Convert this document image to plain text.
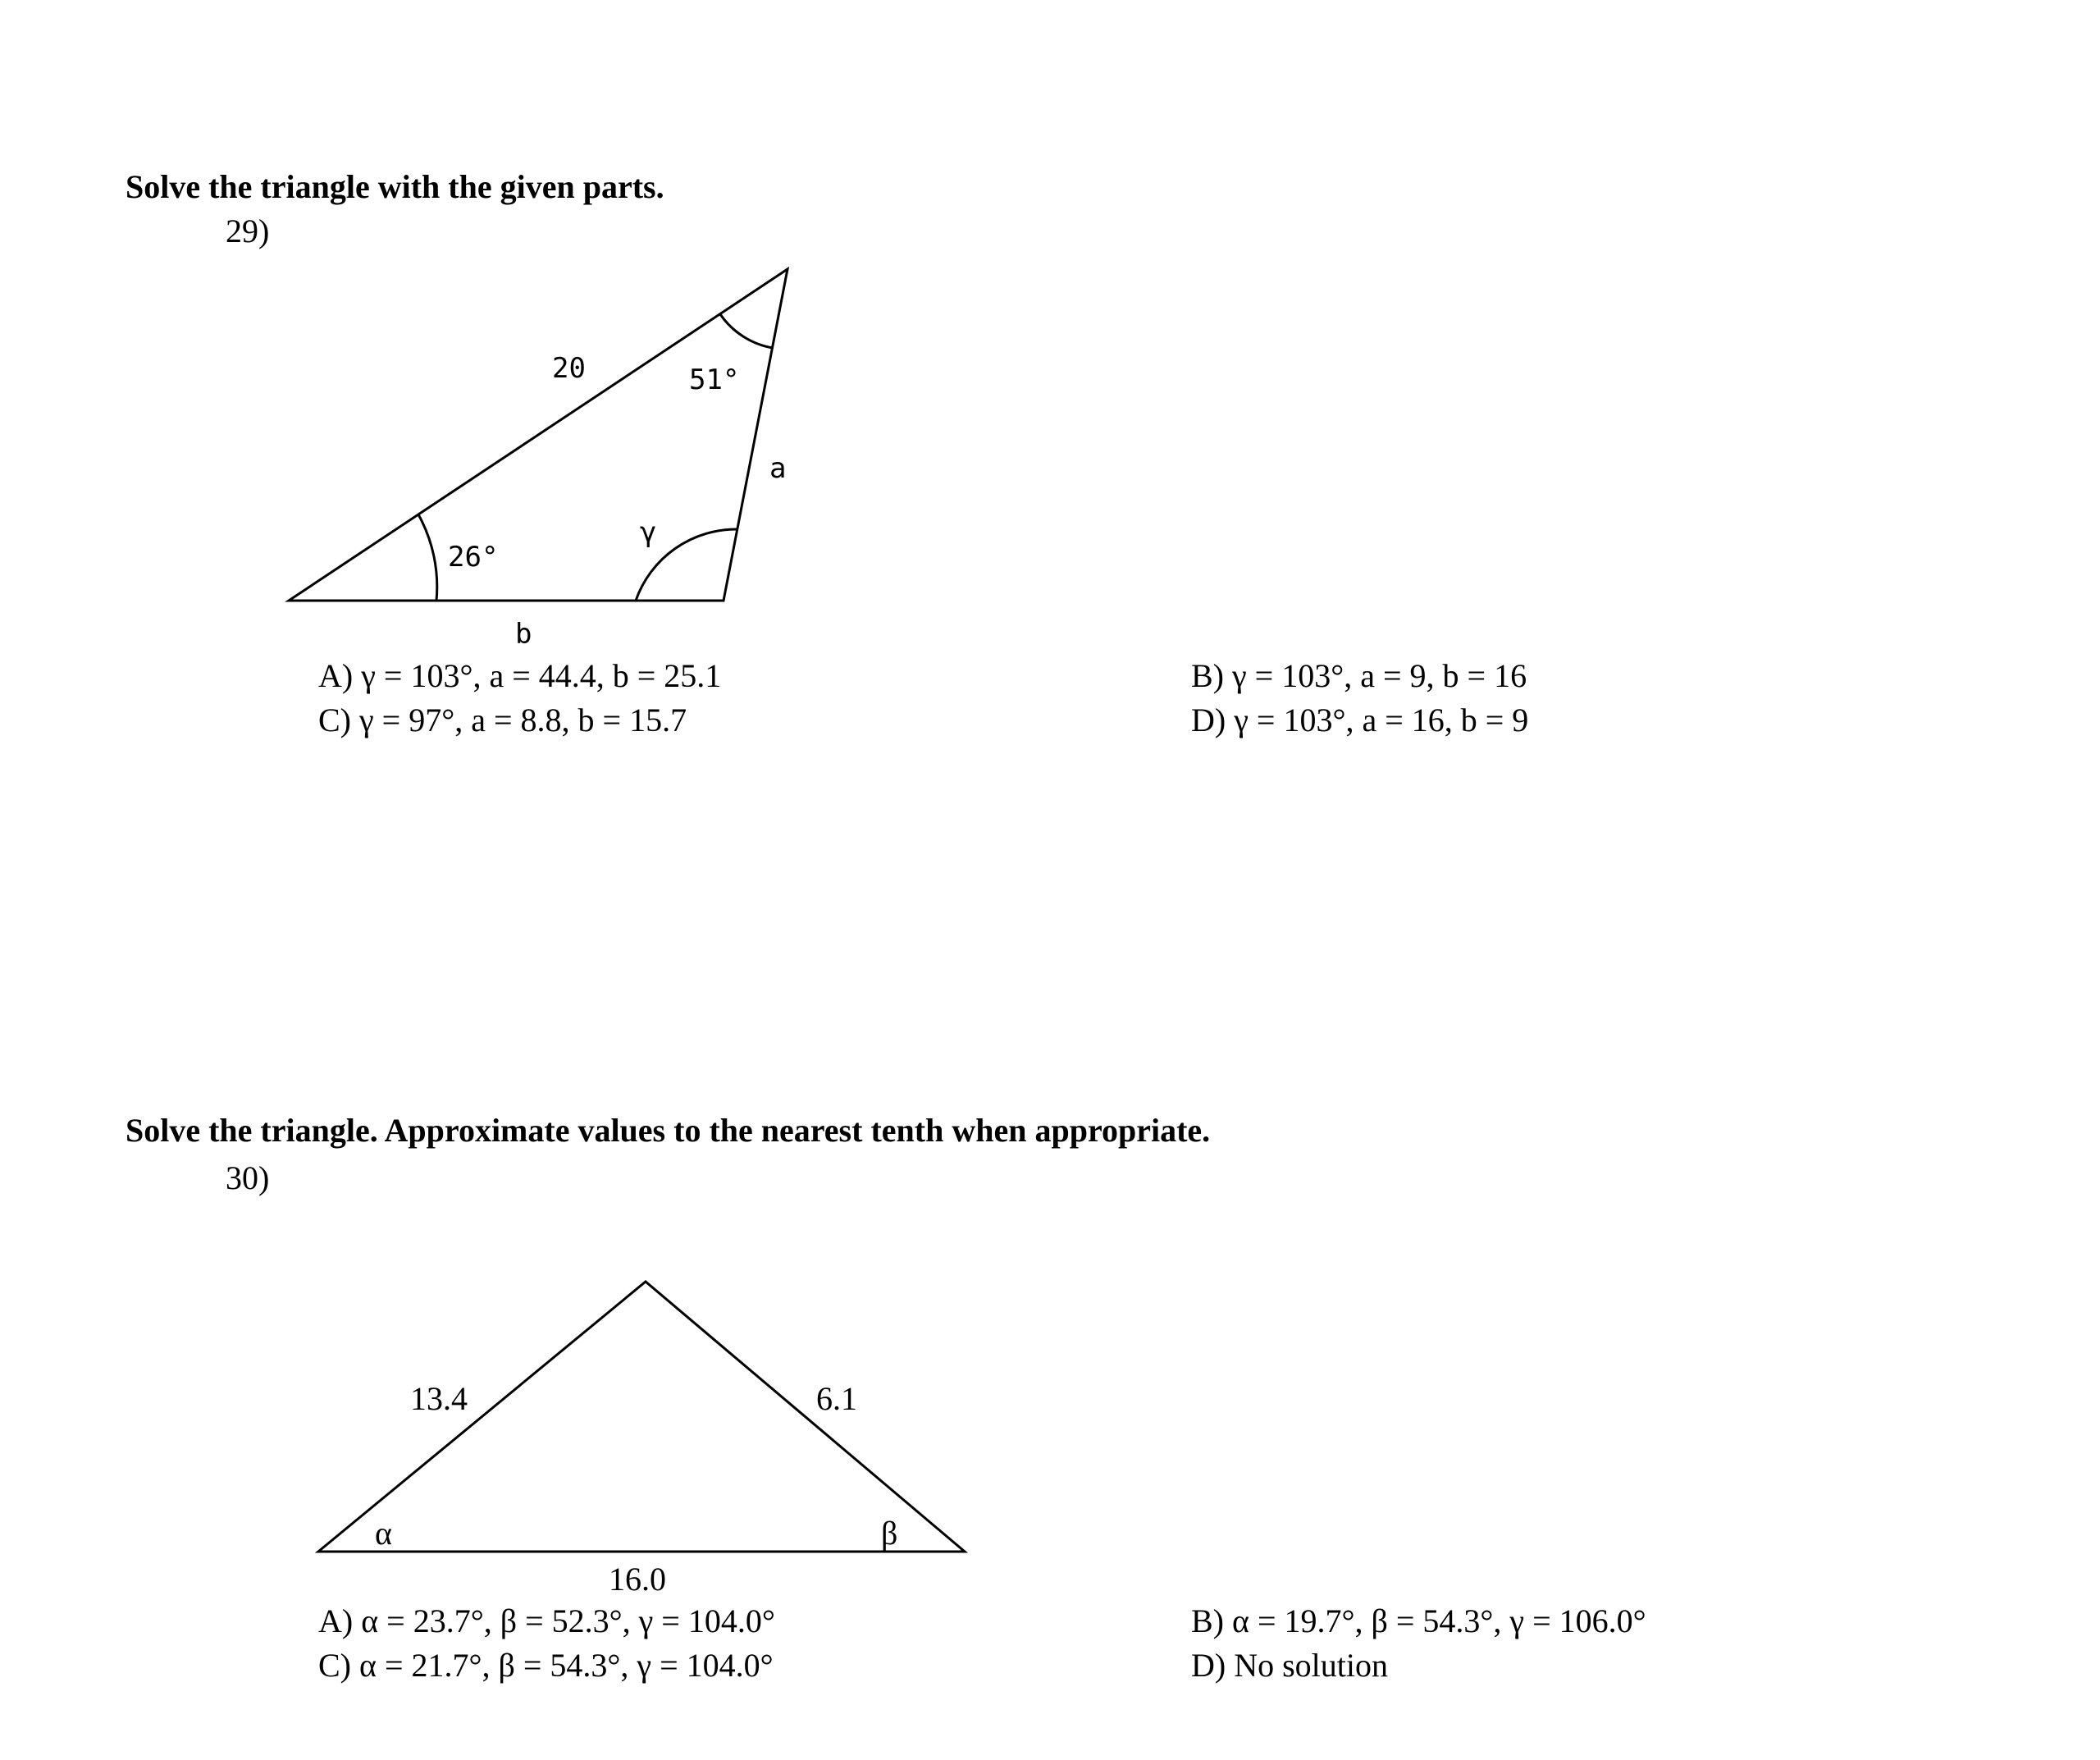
Solve the triangle with the given parts.
29)
20	51°
a
γ
26°
b
13.4	6.1
α	β
16.0
A) γ = 103°, a = 44.4, b = 25.1	B) γ = 103°, a = 9, b = 16
C) γ = 97°, a = 8.8, b = 15.7	D) γ = 103°, a = 16, b = 9
Solve the triangle. Approximate values to the nearest tenth when appropriate.
30)
A) α = 23.7°, β = 52.3°, γ = 104.0°	B) α = 19.7°, β = 54.3°, γ = 106.0°
C) α = 21.7°, β = 54.3°, γ = 104.0°	D) No solution
